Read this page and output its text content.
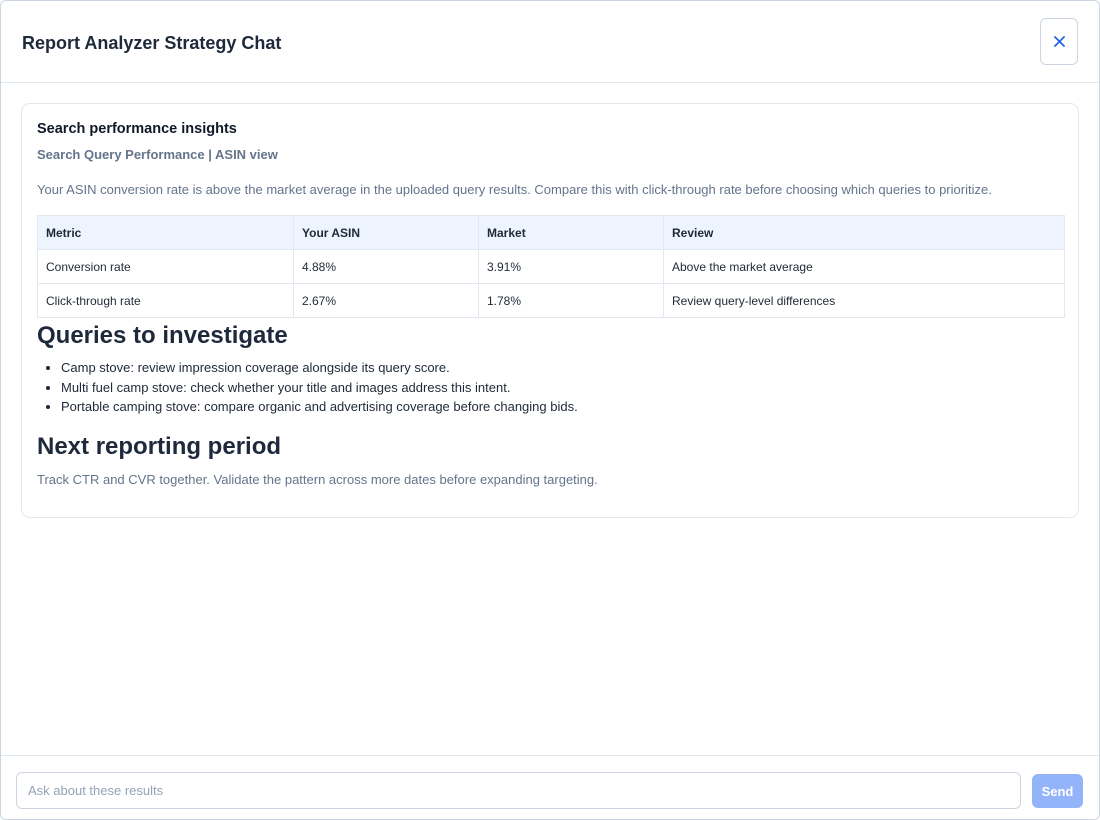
Report Analyzer Strategy Chat
Search performance insights
Search Query Performance | ASIN view
Your ASIN conversion rate is above the market average in the uploaded query results. Compare this with click-through rate before choosing which queries to prioritize.
Metric	Your ASIN	Market	Review
Conversion rate	4.88%	3.91%	Above the market average
Click-through rate	2.67%	1.78%	Review query-level differences
Queries to investigate
• Camp stove: review impression coverage alongside its query score.
• Multi fuel camp stove: check whether your title and images address this intent.
• Portable camping stove: compare organic and advertising coverage before changing bids.
Next reporting period
Track CTR and CVR together. Validate the pattern across more dates before expanding targeting.
Ask about these results
Send
